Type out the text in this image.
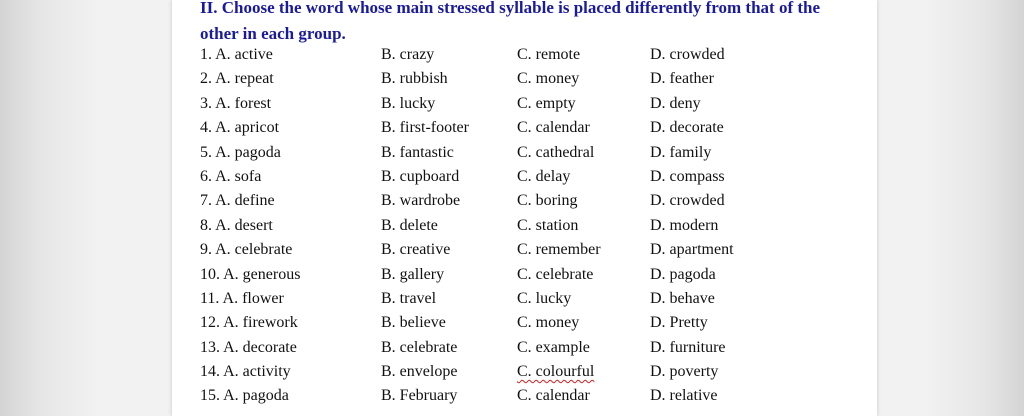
II. Choose the word whose main stressed syllable is placed differently from that of the other in each group.

1. A. active	B. crazy	C. remote	D. crowded
2. A. repeat	B. rubbish	C. money	D. feather
3. A. forest	B. lucky	C. empty	D. deny
4. A. apricot	B. first-footer	C. calendar	D. decorate
5. A. pagoda	B. fantastic	C. cathedral	D. family
6. A. sofa	B. cupboard	C. delay	D. compass
7. A. define	B. wardrobe	C. boring	D. crowded
8. A. desert	B. delete	C. station	D. modern
9. A. celebrate	B. creative	C. remember	D. apartment
10. A. generous	B. gallery	C. celebrate	D. pagoda
11. A. flower	B. travel	C. lucky	D. behave
12. A. firework	B. believe	C. money	D. Pretty
13. A. decorate	B. celebrate	C. example	D. furniture
14. A. activity	B. envelope	C. colourful	D. poverty
15. A. pagoda	B. February	C. calendar	D. relative
